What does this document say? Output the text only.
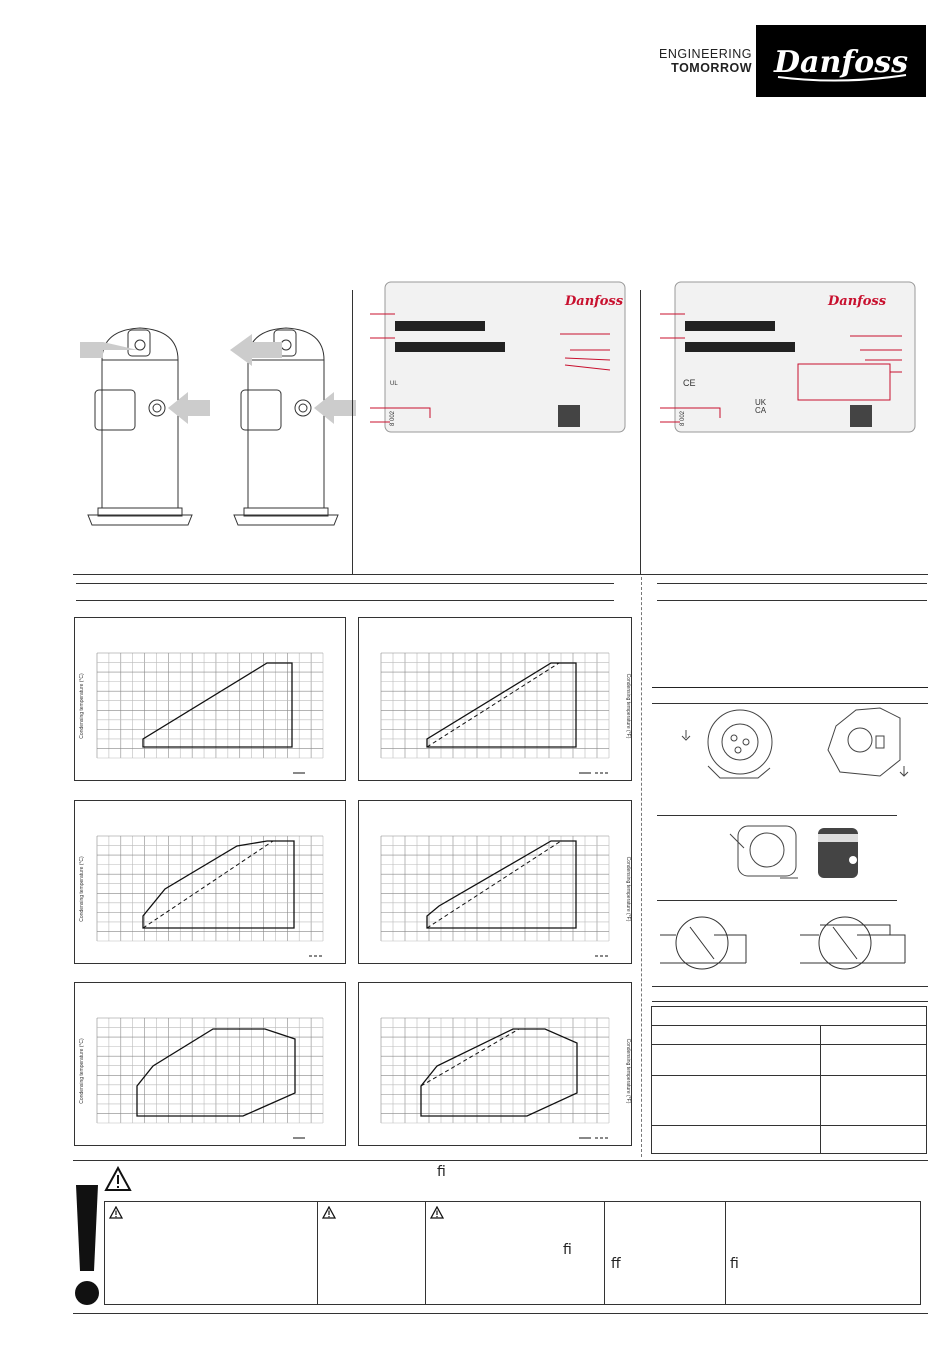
ENGINEERING
TOMORROW Danfoss
Danfoss
UL
8 002
Danfoss
CE
UK
CA
8 002
Condensing temperature (°C)	Condensing temperature (°F)
Condensing temperature (°C)	Condensing temperature (°F)
Condensing temperature (°C)	Condensing temperature (°F)

ﬁ

ﬁ

ﬀ	ﬁ
